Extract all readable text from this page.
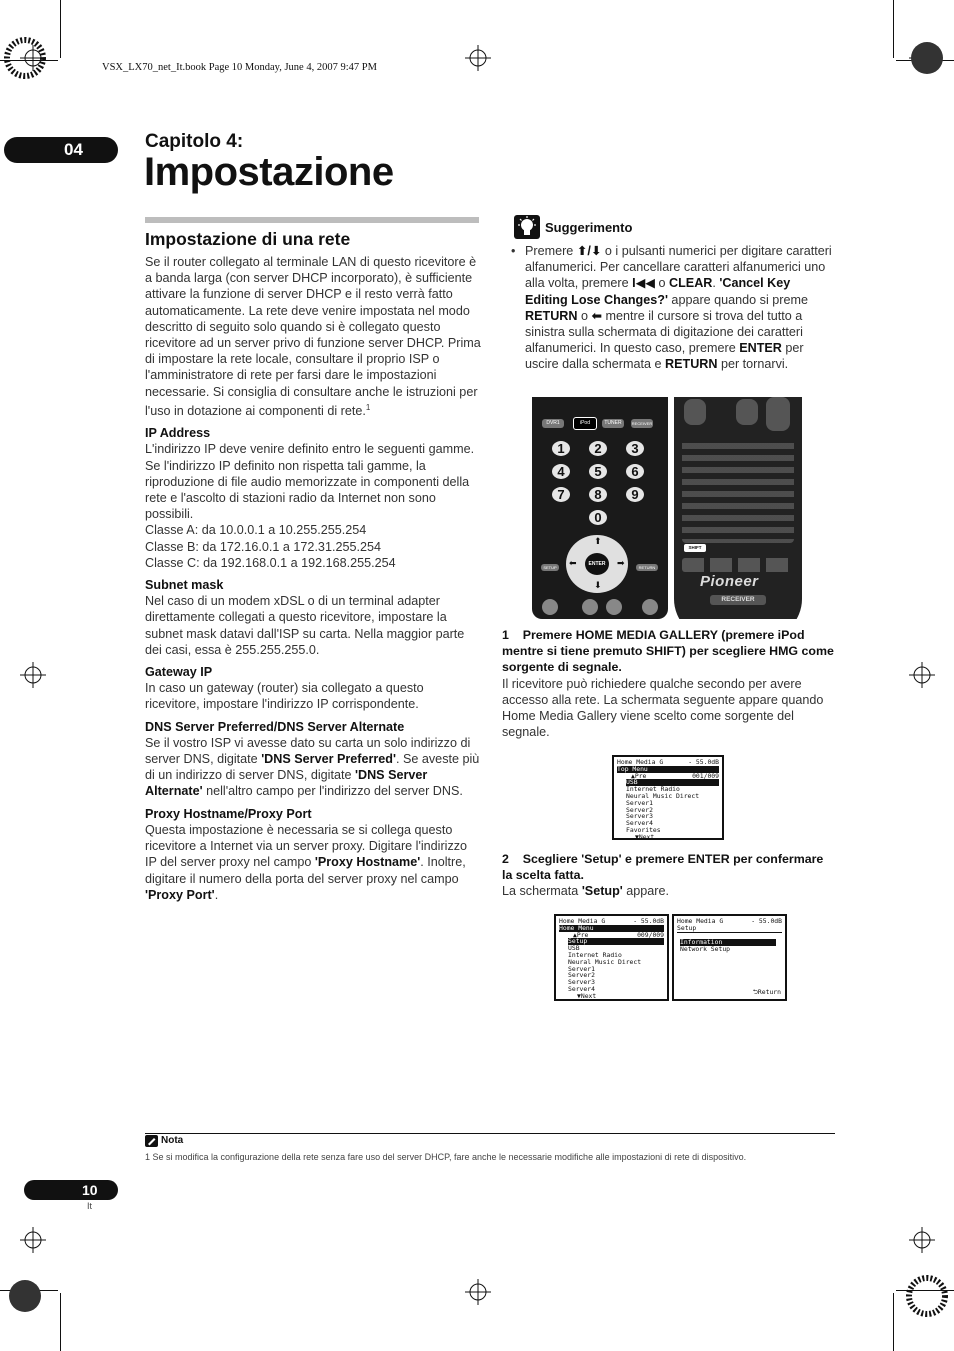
VSX_LX70_net_It.book Page 10 Monday, June 4, 2007 9:47 PM
04	Capitolo 4:
Impostazione
Impostazione di una rete

Se il router collegato al terminale LAN di questo ricevitore è a banda larga (con server DHCP incorporato), è sufficiente attivare la funzione di server DHCP e il resto verrà fatto automaticamente. La rete deve venire impostata nel modo descritto di seguito solo quando si è collegato questo ricevitore ad un server privo di funzione server DHCP. Prima di impostare la rete locale, consultare il proprio ISP o l'amministratore di rete per farsi dare le impostazioni necessarie. Si consiglia di consultare anche le istruzioni per l'uso in dotazione ai componenti di rete.$^1$

IP Address

L'indirizzo IP deve venire definito entro le seguenti gamme. Se l'indirizzo IP definito non rispetta tali gamme, la riproduzione di file audio memorizzate in componenti della rete e l'ascolto di stazioni radio da Internet non sono possibili.

Classe A: da 10.0.0.1 a 10.255.255.254

Classe B: da 172.16.0.1 a 172.31.255.254

Classe C: da 192.168.0.1 a 192.168.255.254

Subnet mask

Nel caso di un modem xDSL o di un terminal adapter direttamente collegati a questo ricevitore, impostare la subnet mask datavi dall'ISP su carta. Nella maggior parte dei casi, essa è 255.255.255.0.

Gateway IP

In caso un gateway (router) sia collegato a questo ricevitore, impostare l'indirizzo IP corrispondente.

DNS Server Preferred/DNS Server Alternate

Se il vostro ISP vi avesse dato su carta un solo indirizzo di server DNS, digitate 'DNS Server Preferred'. Se aveste più di un indirizzo di server DNS, digitate 'DNS Server Alternate' nell'altro campo per l'indirizzo del server DNS.

Proxy Hostname/Proxy Port

Questa impostazione è necessaria se si collega questo ricevitore a Internet via un server proxy. Digitare l'indirizzo IP del server proxy nel campo 'Proxy Hostname'. Inoltre, digitare il numero della porta del server proxy nel campo 'Proxy Port'.

Suggerimento

• Premere ⬆/⬇ o i pulsanti numerici per digitare caratteri alfanumerici. Per cancellare caratteri alfanumerici uno alla volta, premere I◀◀ o CLEAR. 'Cancel Key Editing Lose Changes?' appare quando si preme RETURN o ⬅ mentre il cursore si trova del tutto a sinistra sulla schermata di digitazione dei caratteri alfanumerici. In questo caso, premere ENTER per uscire dalla schermata e RETURN per tornarvi.

DVR1	iPod	TUNER	RECEIVER
1	2	3
4	5	6
7	8	9
0
ENTER
⬆
⬇
⬅	➡
SETUP	RETURN
SHIFT
Pioneer
RECEIVER
1 Premere HOME MEDIA GALLERY (premere iPod mentre si tiene premuto SHIFT) per scegliere HMG come sorgente di segnale.

Il ricevitore può richiedere qualche secondo per avere accesso alla rete. La schermata seguente appare quando Home Media Gallery viene scelto come sorgente del segnale.

Home Media G	- 55.0dB
Top Menu
▲Pre	001/009
USB
Internet Radio
Neural Music Direct
Server1
Server2
Server3
Server4
Favorites
▼Next
2 Scegliere 'Setup' e premere ENTER per confermare la scelta fatta.

La schermata 'Setup' appare.

Home Media G	- 55.0dB
Home Menu
▲Pre	009/009
Setup
USB
Internet Radio
Neural Music Direct
Server1
Server2
Server3
Server4
▼Next
Home Media G	- 55.0dB
Setup
Information
Network Setup
⮌Return
Nota
1 Se si modifica la configurazione della rete senza fare uso del server DHCP, fare anche le necessarie modifiche alle impostazioni di rete di dispositivo.
10
It
